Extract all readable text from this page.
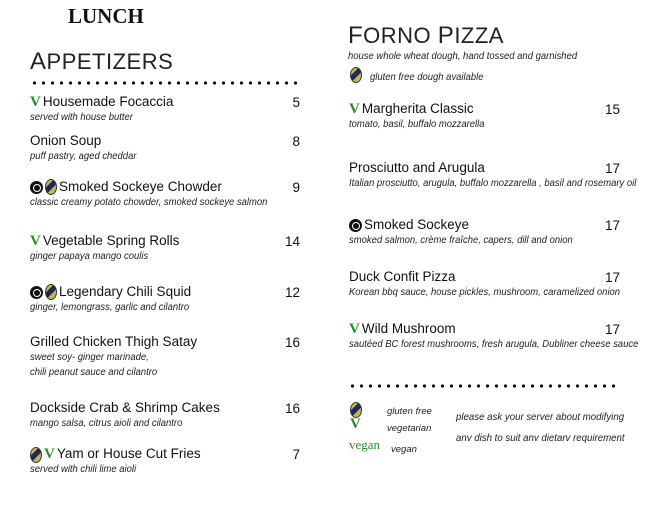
LUNCH
APPETIZERS
V Housemade Focaccia	5
served with house butter
Onion Soup	8
puff pastry, aged cheddar
Smoked Sockeye Chowder	9
classic creamy potato chowder, smoked sockeye salmon
V Vegetable Spring Rolls	14
ginger papaya mango coulis
Legendary Chili Squid	12
ginger, lemongrass, garlic and cilantro
Grilled Chicken Thigh Satay	16
sweet soy- ginger marinade,
chili peanut sauce and cilantro
Dockside Crab & Shrimp Cakes	16
mango salsa, citrus aioli and cilantro
V Yam or House Cut Fries	7
served with chili lime aioli
FORNO PIZZA
house whole wheat dough, hand tossed and garnished
gluten free dough available
V Margherita Classic	15
tomato, basil, buffalo mozzarella
Prosciutto and Arugula	17
Italian prosciutto, arugula, buffalo mozzarella , basil and rosemary oil
Smoked Sockeye	17
smoked salmon, crème fraîche, capers, dill and onion
Duck Confit Pizza	17
Korean bbq sauce, house pickles, mushroom, caramelized onion
V Wild Mushroom	17
sautéed BC forest mushrooms, fresh arugula, Dubliner cheese sauce
gluten free
V	vegetarian
vegan vegan
please ask your server about modifying
anv dish to suit anv dietarv requirement
